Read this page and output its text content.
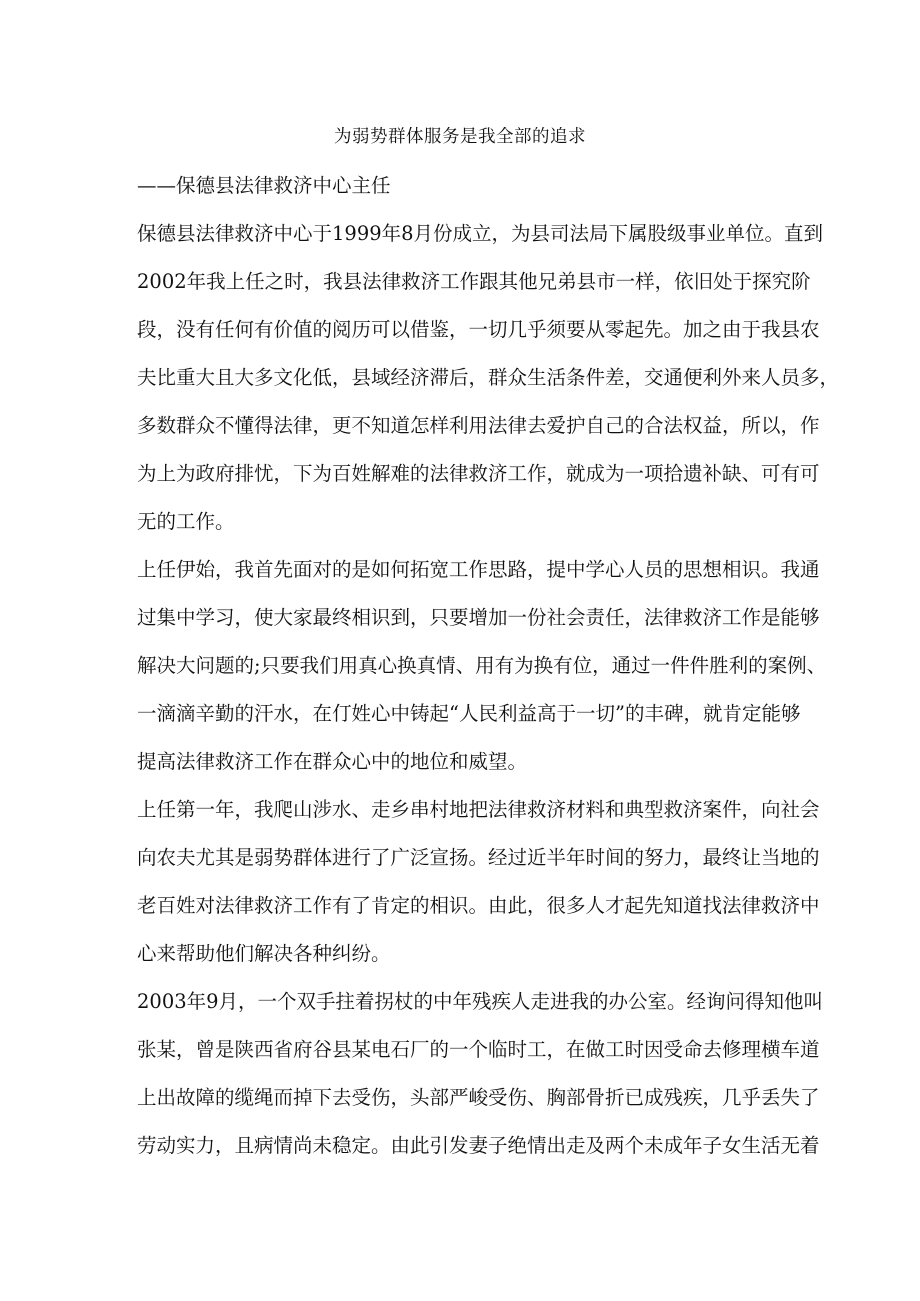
为弱势群体服务是我全部的追求
——保德县法律救济中心主任
保德县法律救济中心于1999年8月份成立，为县司法局下属股级事业单位。直到
2002年我上任之时，我县法律救济工作跟其他兄弟县市一样，依旧处于探究阶
段，没有任何有价值的阅历可以借鉴，一切几乎须要从零起先。加之由于我县农
夫比重大且大多文化低，县域经济滞后，群众生活条件差，交通便利外来人员多，
多数群众不懂得法律，更不知道怎样利用法律去爱护自己的合法权益，所以，作
为上为政府排忧，下为百姓解难的法律救济工作，就成为一项拾遗补缺、可有可
无的工作。
上任伊始，我首先面对的是如何拓宽工作思路，提中学心人员的思想相识。我通
过集中学习，使大家最终相识到，只要增加一份社会责任，法律救济工作是能够
解决大问题的;只要我们用真心换真情、用有为换有位，通过一件件胜利的案例、
一滴滴辛勤的汗水，在仃姓心中铸起“人民利益高于一切”的丰碑，就肯定能够
提高法律救济工作在群众心中的地位和威望。
上任第一年，我爬山涉水、走乡串村地把法律救济材料和典型救济案件，向社会
向农夫尤其是弱势群体进行了广泛宣扬。经过近半年时间的努力，最终让当地的
老百姓对法律救济工作有了肯定的相识。由此，很多人才起先知道找法律救济中
心来帮助他们解决各种纠纷。
2003年9月，一个双手拄着拐杖的中年残疾人走进我的办公室。经询问得知他叫
张某，曾是陕西省府谷县某电石厂的一个临时工，在做工时因受命去修理横车道
上出故障的缆绳而掉下去受伤，头部严峻受伤、胸部骨折已成残疾，几乎丢失了
劳动实力，且病情尚未稳定。由此引发妻子绝情出走及两个未成年子女生活无着
